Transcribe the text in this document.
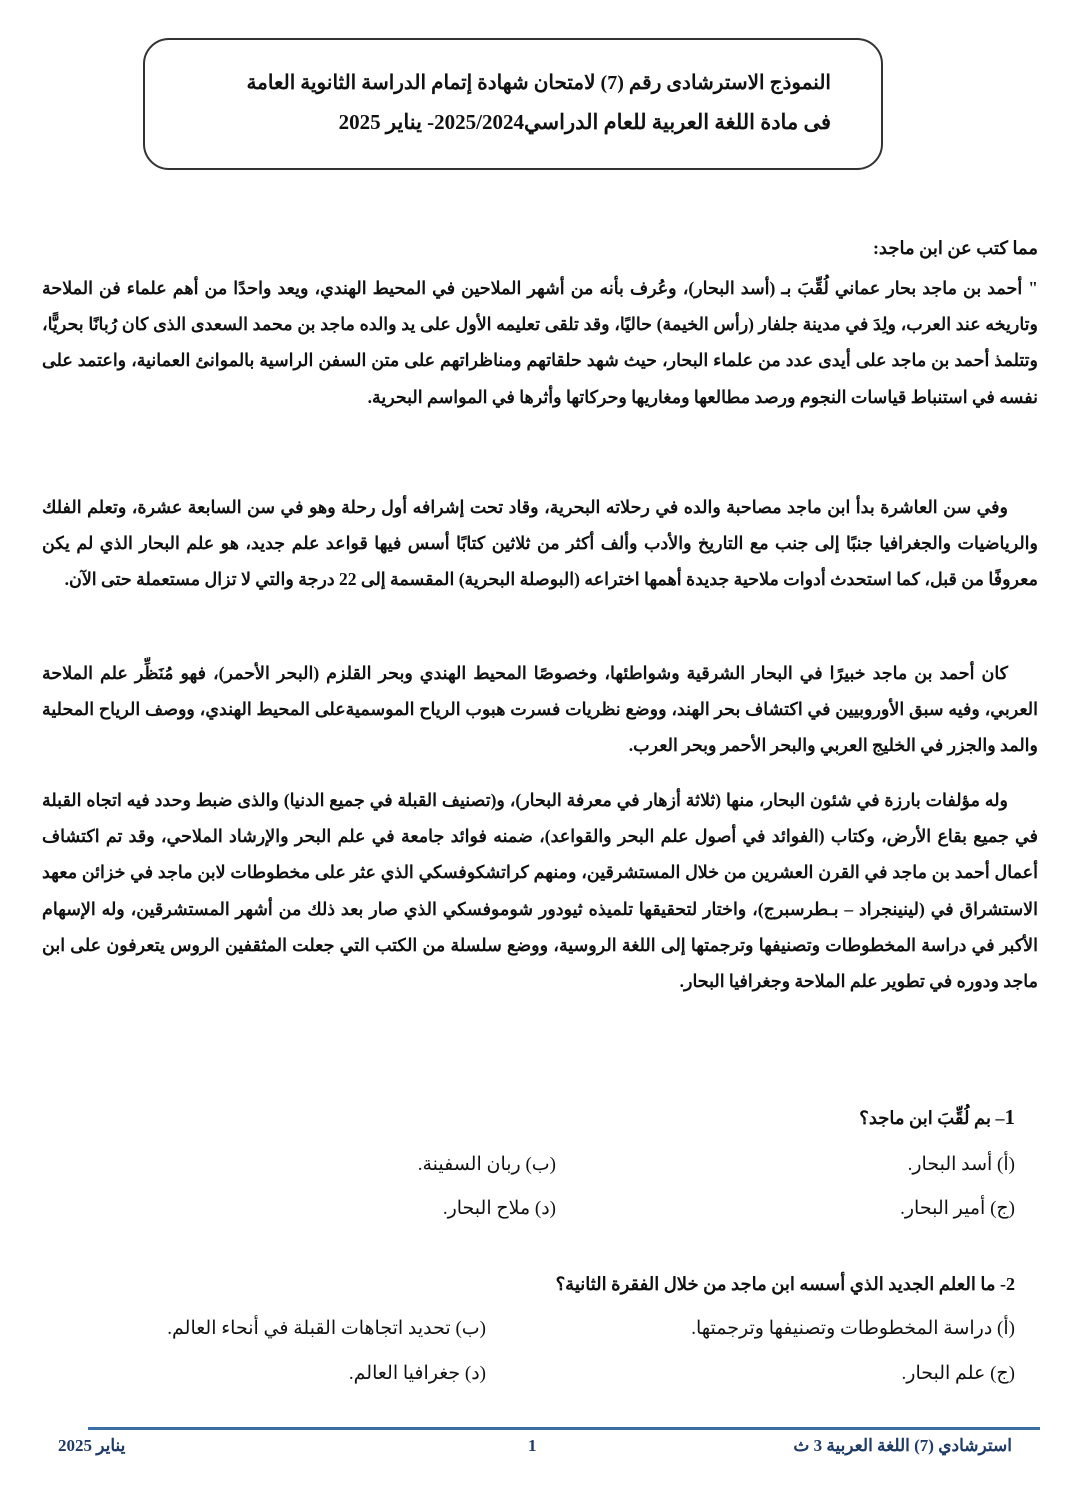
النموذج الاسترشادى رقم (7) لامتحان شهادة إتمام الدراسة الثانوية العامة
فى مادة اللغة العربية للعام الدراسي2025/2024- يناير 2025
مما كتب عن ابن ماجد:
" أحمد بن ماجد بحار عماني لُقِّبَ بـ (أسد البحار)، وعُرف بأنه من أشهر الملاحين في المحيط الهندي، ويعد واحدًا من أهم علماء فن الملاحة وتاريخه عند العرب، ولِدَ في مدينة جلفار (رأس الخيمة) حاليًا، وقد تلقى تعليمه الأول على يد والده ماجد بن محمد السعدى الذى كان رُبانًا بحريًّا، وتتلمذ أحمد بن ماجد على أيدى عدد من علماء البحار، حيث شهد حلقاتهم ومناظراتهم على متن السفن الراسية بالموانئ العمانية، واعتمد على نفسه في استنباط قياسات النجوم ورصد مطالعها ومغاريها وحركاتها وأثرها في المواسم البحرية.
وفي سن العاشرة بدأ ابن ماجد مصاحبة والده في رحلاته البحرية، وقاد تحت إشرافه أول رحلة وهو في سن السابعة عشرة، وتعلم الفلك والرياضيات والجغرافيا جنبًا إلى جنب مع التاريخ والأدب وألف أكثر من ثلاثين كتابًا أسس فيها قواعد علم جديد، هو علم البحار الذي لم يكن معروفًا من قبل، كما استحدث أدوات ملاحية جديدة أهمها اختراعه (البوصلة البحرية) المقسمة إلى 22 درجة والتي لا تزال مستعملة حتى الآن.
كان أحمد بن ماجد خبيرًا في البحار الشرقية وشواطئها، وخصوصًا المحيط الهندي وبحر القلزم (البحر الأحمر)، فهو مُنَظِّر علم الملاحة العربي، وفيه سبق الأوروبيين في اكتشاف بحر الهند، ووضع نظريات فسرت هبوب الرياح الموسميةعلى المحيط الهندي، ووصف الرياح المحلية والمد والجزر في الخليج العربي والبحر الأحمر وبحر العرب.
وله مؤلفات بارزة في شئون البحار، منها (ثلاثة أزهار في معرفة البحار)، و(تصنيف القبلة في جميع الدنيا) والذى ضبط وحدد فيه اتجاه القبلة في جميع بقاع الأرض، وكتاب (الفوائد في أصول علم البحر والقواعد)، ضمنه فوائد جامعة في علم البحر والإرشاد الملاحي، وقد تم اكتشاف أعمال أحمد بن ماجد في القرن العشرين من خلال المستشرقين، ومنهم كراتشكوفسكي الذي عثر على مخطوطات لابن ماجد في خزائن معهد الاستشراق في (لينينجراد – بـطرسبرج)، واختار لتحقيقها تلميذه ثيودور شوموفسكي الذي صار بعد ذلك من أشهر المستشرقين، وله الإسهام الأكبر في دراسة المخطوطات وتصنيفها وترجمتها إلى اللغة الروسية، ووضع سلسلة من الكتب التي جعلت المثقفين الروس يتعرفون على ابن ماجد ودوره في تطوير علم الملاحة وجغرافيا البحار.
1– بم لُقِّبَ ابن ماجد؟
(أ) أسد البحار.
(ب) ربان السفينة.
(ج) أمير البحار.
(د) ملاح البحار.
2- ما العلم الجديد الذي أسسه ابن ماجد من خلال الفقرة الثانية؟
(أ) دراسة المخطوطات وتصنيفها وترجمتها.
(ب) تحديد اتجاهات القبلة في أنحاء العالم.
(ج) علم البحار.
(د) جغرافيا العالم.
استرشادي (7) اللغة العربية 3 ث
1
يناير 2025
